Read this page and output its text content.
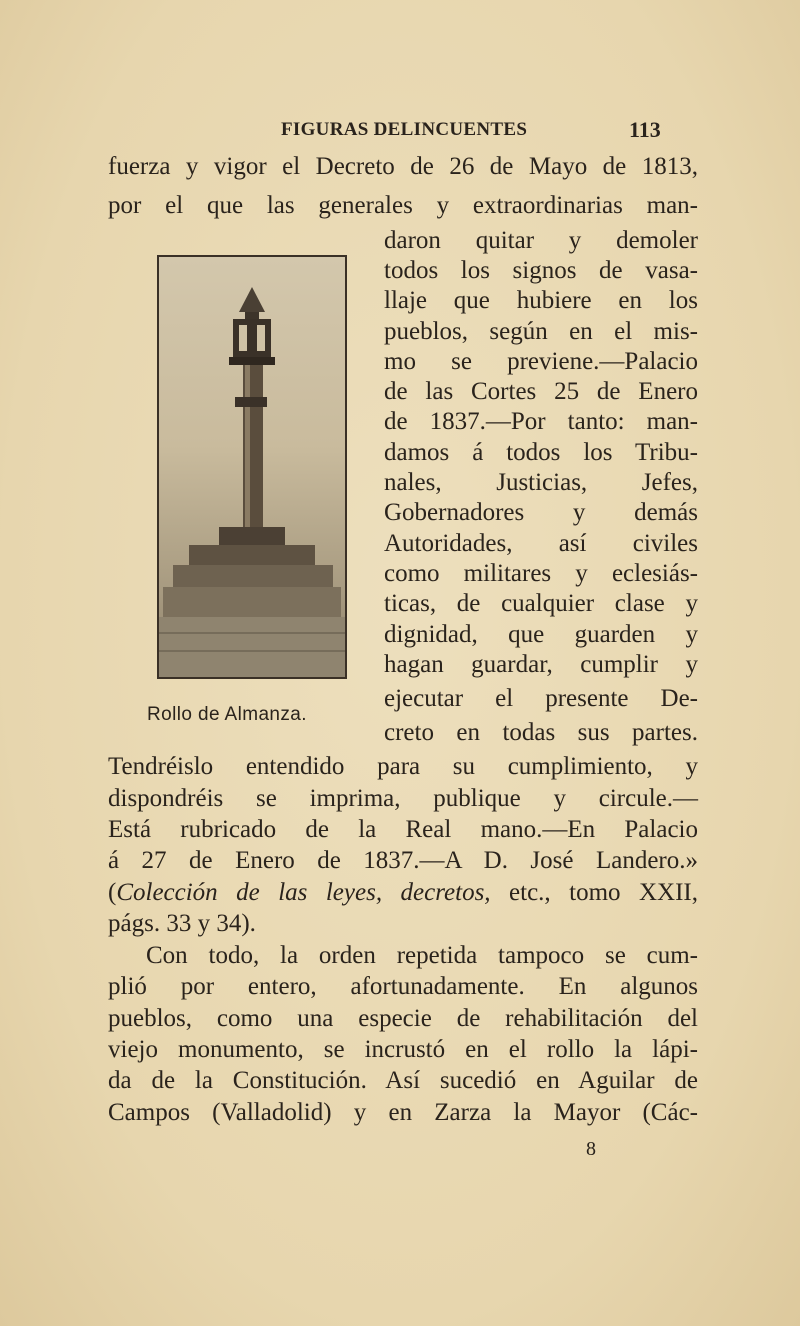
FIGURAS DELINCUENTES	113
fuerza y vigor el Decreto de 26 de Mayo de 1813,
por el que las generales y extraordinarias man-
Rollo de Almanza.
daron quitar y demoler
todos los signos de vasa-
llaje que hubiere en los
pueblos, según en el mis-
mo se previene.—Palacio
de las Cortes 25 de Enero
de 1837.—Por tanto: man-
damos á todos los Tribu-
nales, Justicias, Jefes,
Gobernadores y demás
Autoridades, así civiles
como militares y eclesiás-
ticas, de cualquier clase y
dignidad, que guarden y
hagan guardar, cumplir y
ejecutar el presente De-
creto en todas sus partes.
Tendréislo entendido para su cumplimiento, y
dispondréis se imprima, publique y circule.—
Está rubricado de la Real mano.—En Palacio
á 27 de Enero de 1837.—A D. José Landero.»
(Colección de las leyes, decretos, etc., tomo XXII,
págs. 33 y 34).
Con todo, la orden repetida tampoco se cum-
plió por entero, afortunadamente. En algunos
pueblos, como una especie de rehabilitación del
viejo monumento, se incrustó en el rollo la lápi-
da de la Constitución. Así sucedió en Aguilar de
Campos (Valladolid) y en Zarza la Mayor (Các-
8
